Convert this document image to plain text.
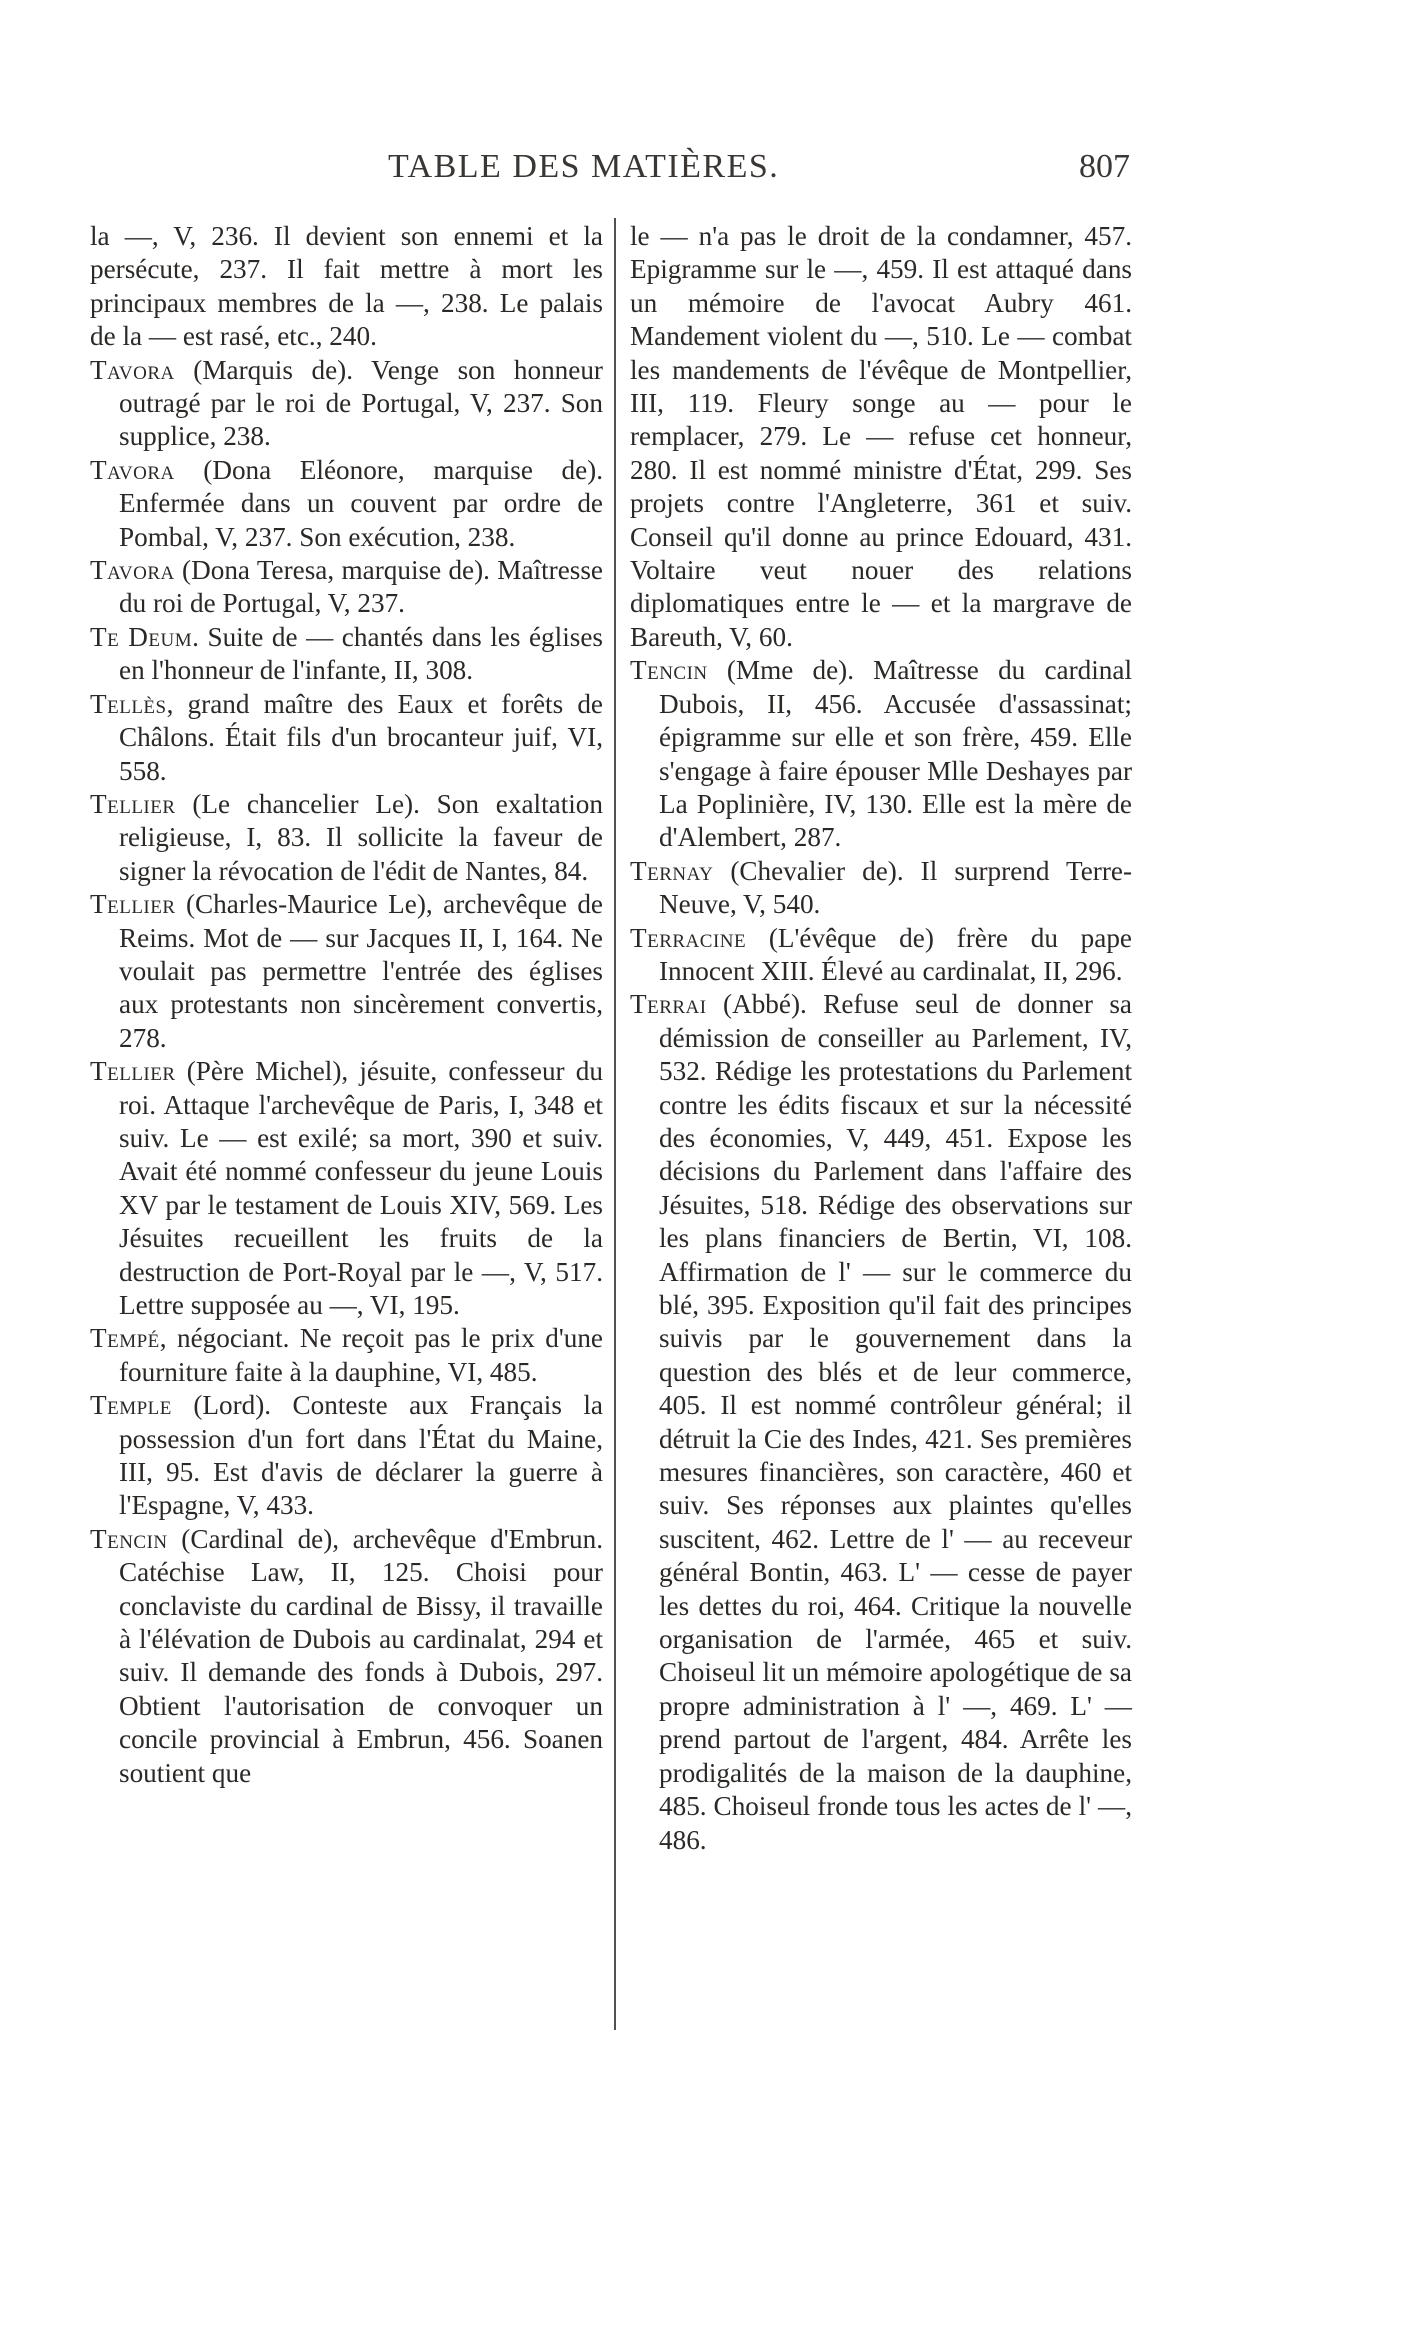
TABLE DES MATIÈRES.	807

la —, V, 236. Il devient son ennemi et la persécute, 237. Il fait mettre à mort les principaux membres de la —, 238. Le palais de la — est rasé, etc., 240.

Tavora (Marquis de). Venge son honneur outragé par le roi de Portugal, V, 237. Son supplice, 238.

Tavora (Dona Eléonore, marquise de). Enfermée dans un couvent par ordre de Pombal, V, 237. Son exécution, 238.

Tavora (Dona Teresa, marquise de). Maîtresse du roi de Portugal, V, 237.

Te Deum. Suite de — chantés dans les églises en l'honneur de l'infante, II, 308.

Tellès, grand maître des Eaux et forêts de Châlons. Était fils d'un brocanteur juif, VI, 558.

Tellier (Le chancelier Le). Son exaltation religieuse, I, 83. Il sollicite la faveur de signer la révocation de l'édit de Nantes, 84.

Tellier (Charles-Maurice Le), archevêque de Reims. Mot de — sur Jacques II, I, 164. Ne voulait pas permettre l'entrée des églises aux protestants non sincèrement convertis, 278.

Tellier (Père Michel), jésuite, confesseur du roi. Attaque l'archevêque de Paris, I, 348 et suiv. Le — est exilé; sa mort, 390 et suiv. Avait été nommé confesseur du jeune Louis XV par le testament de Louis XIV, 569. Les Jésuites recueillent les fruits de la destruction de Port-Royal par le —, V, 517. Lettre supposée au —, VI, 195.

Tempé, négociant. Ne reçoit pas le prix d'une fourniture faite à la dauphine, VI, 485.

Temple (Lord). Conteste aux Français la possession d'un fort dans l'État du Maine, III, 95. Est d'avis de déclarer la guerre à l'Espagne, V, 433.

Tencin (Cardinal de), archevêque d'Embrun. Catéchise Law, II, 125. Choisi pour conclaviste du cardinal de Bissy, il travaille à l'élévation de Dubois au cardinalat, 294 et suiv. Il demande des fonds à Dubois, 297. Obtient l'autorisation de convoquer un concile provincial à Embrun, 456. Soanen soutient que

le — n'a pas le droit de la condamner, 457. Epigramme sur le —, 459. Il est attaqué dans un mémoire de l'avocat Aubry 461. Mandement violent du —, 510. Le — combat les mandements de l'évêque de Montpellier, III, 119. Fleury songe au — pour le remplacer, 279. Le — refuse cet honneur, 280. Il est nommé ministre d'État, 299. Ses projets contre l'Angleterre, 361 et suiv. Conseil qu'il donne au prince Edouard, 431. Voltaire veut nouer des relations diplomatiques entre le — et la margrave de Bareuth, V, 60.

Tencin (Mme de). Maîtresse du cardinal Dubois, II, 456. Accusée d'assassinat; épigramme sur elle et son frère, 459. Elle s'engage à faire épouser Mlle Deshayes par La Poplinière, IV, 130. Elle est la mère de d'Alembert, 287.

Ternay (Chevalier de). Il surprend Terre-Neuve, V, 540.

Terracine (L'évêque de) frère du pape Innocent XIII. Élevé au cardinalat, II, 296.

Terrai (Abbé). Refuse seul de donner sa démission de conseiller au Parlement, IV, 532. Rédige les protestations du Parlement contre les édits fiscaux et sur la nécessité des économies, V, 449, 451. Expose les décisions du Parlement dans l'affaire des Jésuites, 518. Rédige des observations sur les plans financiers de Bertin, VI, 108. Affirmation de l' — sur le commerce du blé, 395. Exposition qu'il fait des principes suivis par le gouvernement dans la question des blés et de leur commerce, 405. Il est nommé contrôleur général; il détruit la Cie des Indes, 421. Ses premières mesures financières, son caractère, 460 et suiv. Ses réponses aux plaintes qu'elles suscitent, 462. Lettre de l' — au receveur général Bontin, 463. L' — cesse de payer les dettes du roi, 464. Critique la nouvelle organisation de l'armée, 465 et suiv. Choiseul lit un mémoire apologétique de sa propre administration à l' —, 469. L' — prend partout de l'argent, 484. Arrête les prodigalités de la maison de la dauphine, 485. Choiseul fronde tous les actes de l' —, 486.
